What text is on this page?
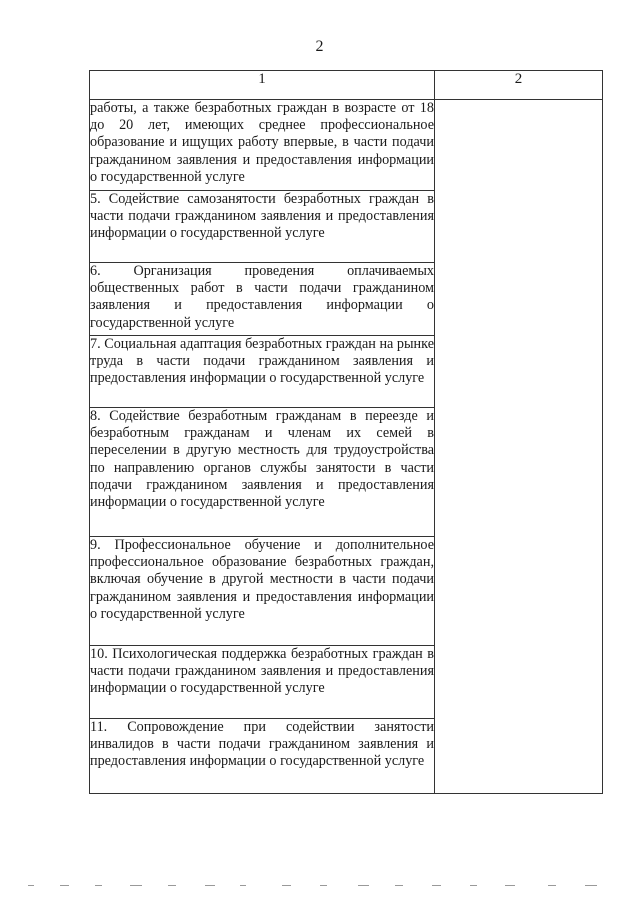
2
1	2
работы, а также безработных граждан в возрасте от 18 до 20 лет, имеющих среднее профессиональное образование и ищущих работу впервые, в части подачи гражданином заявления и предоставления информации о государственной услуге	
5. Содействие самозанятости безработных граждан в части подачи гражданином заявления и предоставления информации о государственной услуге	
6. Организация проведения оплачиваемых общественных работ в части подачи гражданином заявления и предоставления информации о государственной услуге	
7. Социальная адаптация безработных граждан на рынке труда в части подачи гражданином заявления и предоставления информации о государственной услуге	
8. Содействие безработным гражданам в переезде и безработным гражданам и членам их семей в переселении в другую местность для трудоустройства по направлению органов службы занятости в части подачи гражданином заявления и предоставления информации о государственной услуге	
9. Профессиональное обучение и дополнительное профессиональное образование безработных граждан, включая обучение в другой местности в части подачи гражданином заявления и предоставления информации о государственной услуге	
10. Психологическая поддержка безработных граждан в части подачи гражданином заявления и предоставления информации о государственной услуге	
11. Сопровождение при содействии занятости инвалидов в части подачи гражданином заявления и предоставления информации о государственной услуге	
